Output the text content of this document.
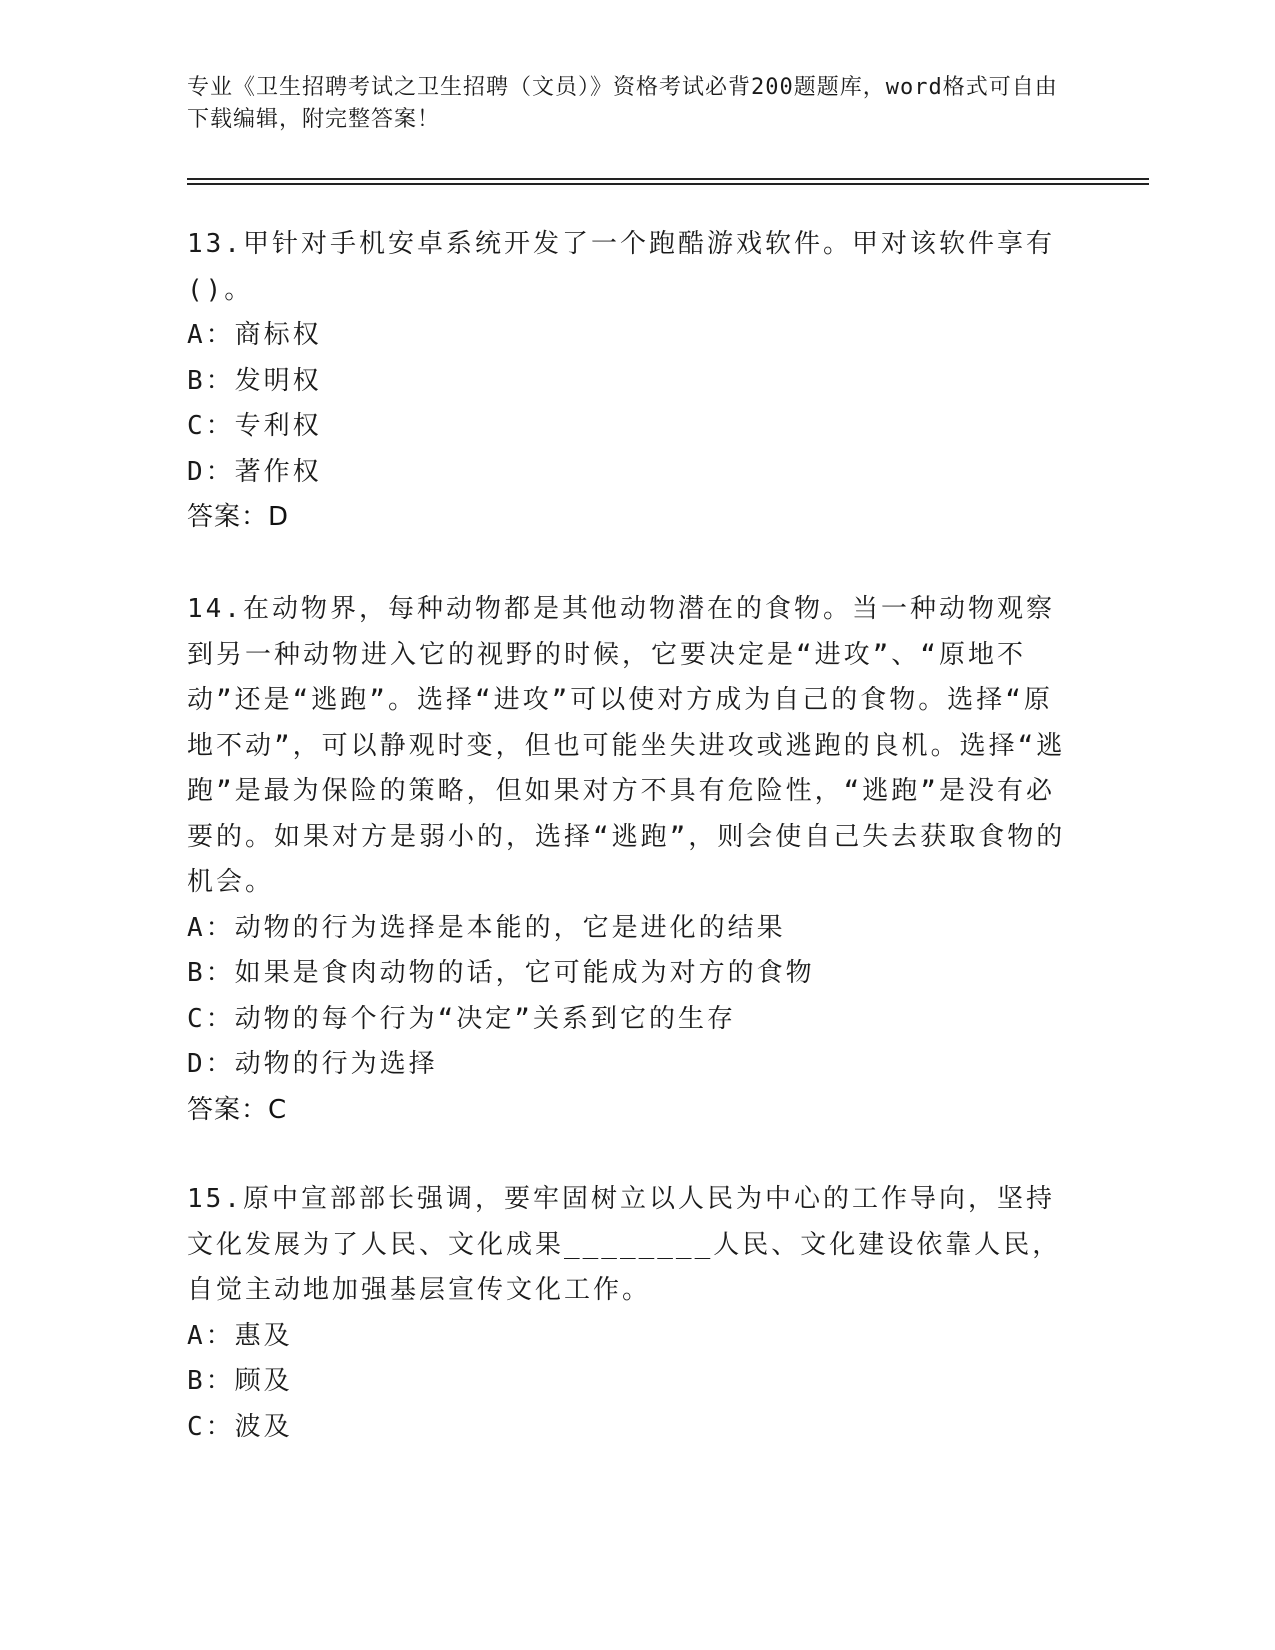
专业《卫生招聘考试之卫生招聘（文员）》资格考试必背200题题库，word格式可自由下载编辑，附完整答案！

13.甲针对手机安卓系统开发了一个跑酷游戏软件。甲对该软件享有()。

A：商标权

B：发明权

C：专利权

D：著作权

答案：D

14.在动物界，每种动物都是其他动物潜在的食物。当一种动物观察到另一种动物进入它的视野的时候，它要决定是“进攻”、“原地不动”还是“逃跑”。选择“进攻”可以使对方成为自己的食物。选择“原地不动”，可以静观时变，但也可能坐失进攻或逃跑的良机。选择“逃跑”是最为保险的策略，但如果对方不具有危险性，“逃跑”是没有必要的。如果对方是弱小的，选择“逃跑”，则会使自己失去获取食物的机会。

A：动物的行为选择是本能的，它是进化的结果

B：如果是食肉动物的话，它可能成为对方的食物

C：动物的每个行为“决定”关系到它的生存

D：动物的行为选择

答案：C

15.原中宣部部长强调，要牢固树立以人民为中心的工作导向，坚持文化发展为了人民、文化成果________人民、文化建设依靠人民，自觉主动地加强基层宣传文化工作。

A：惠及

B：顾及

C：波及
